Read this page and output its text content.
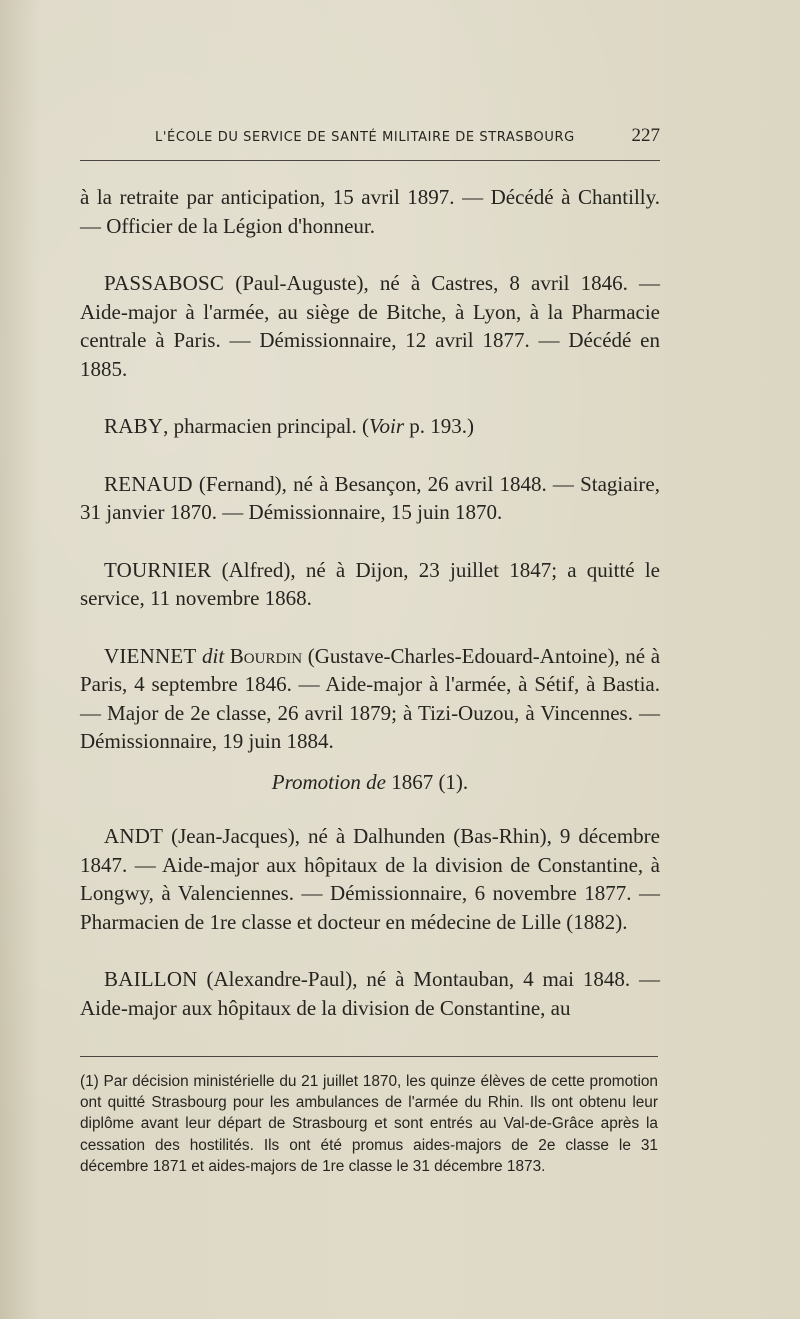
L'ÉCOLE DU SERVICE DE SANTÉ MILITAIRE DE STRASBOURG	227

à la retraite par anticipation, 15 avril 1897. — Décédé à Chantilly. — Officier de la Légion d'honneur.

PASSABOSC (Paul-Auguste), né à Castres, 8 avril 1846. — Aide-major à l'armée, au siège de Bitche, à Lyon, à la Pharmacie centrale à Paris. — Démissionnaire, 12 avril 1877. — Décédé en 1885.

RABY, pharmacien principal. (Voir p. 193.)

RENAUD (Fernand), né à Besançon, 26 avril 1848. — Stagiaire, 31 janvier 1870. — Démissionnaire, 15 juin 1870.

TOURNIER (Alfred), né à Dijon, 23 juillet 1847; a quitté le service, 11 novembre 1868.

VIENNET dit Bourdin (Gustave-Charles-Edouard-Antoine), né à Paris, 4 septembre 1846. — Aide-major à l'armée, à Sétif, à Bastia. — Major de 2e classe, 26 avril 1879; à Tizi-Ouzou, à Vincennes. — Démissionnaire, 19 juin 1884.

Promotion de 1867 (1).

ANDT (Jean-Jacques), né à Dalhunden (Bas-Rhin), 9 décembre 1847. — Aide-major aux hôpitaux de la division de Constantine, à Longwy, à Valenciennes. — Démissionnaire, 6 novembre 1877. — Pharmacien de 1re classe et docteur en médecine de Lille (1882).

BAILLON (Alexandre-Paul), né à Montauban, 4 mai 1848. — Aide-major aux hôpitaux de la division de Constantine, au

(1) Par décision ministérielle du 21 juillet 1870, les quinze élèves de cette promotion ont quitté Strasbourg pour les ambulances de l'armée du Rhin. Ils ont obtenu leur diplôme avant leur départ de Strasbourg et sont entrés au Val-de-Grâce après la cessation des hostilités. Ils ont été promus aides-majors de 2e classe le 31 décembre 1871 et aides-majors de 1re classe le 31 décembre 1873.
